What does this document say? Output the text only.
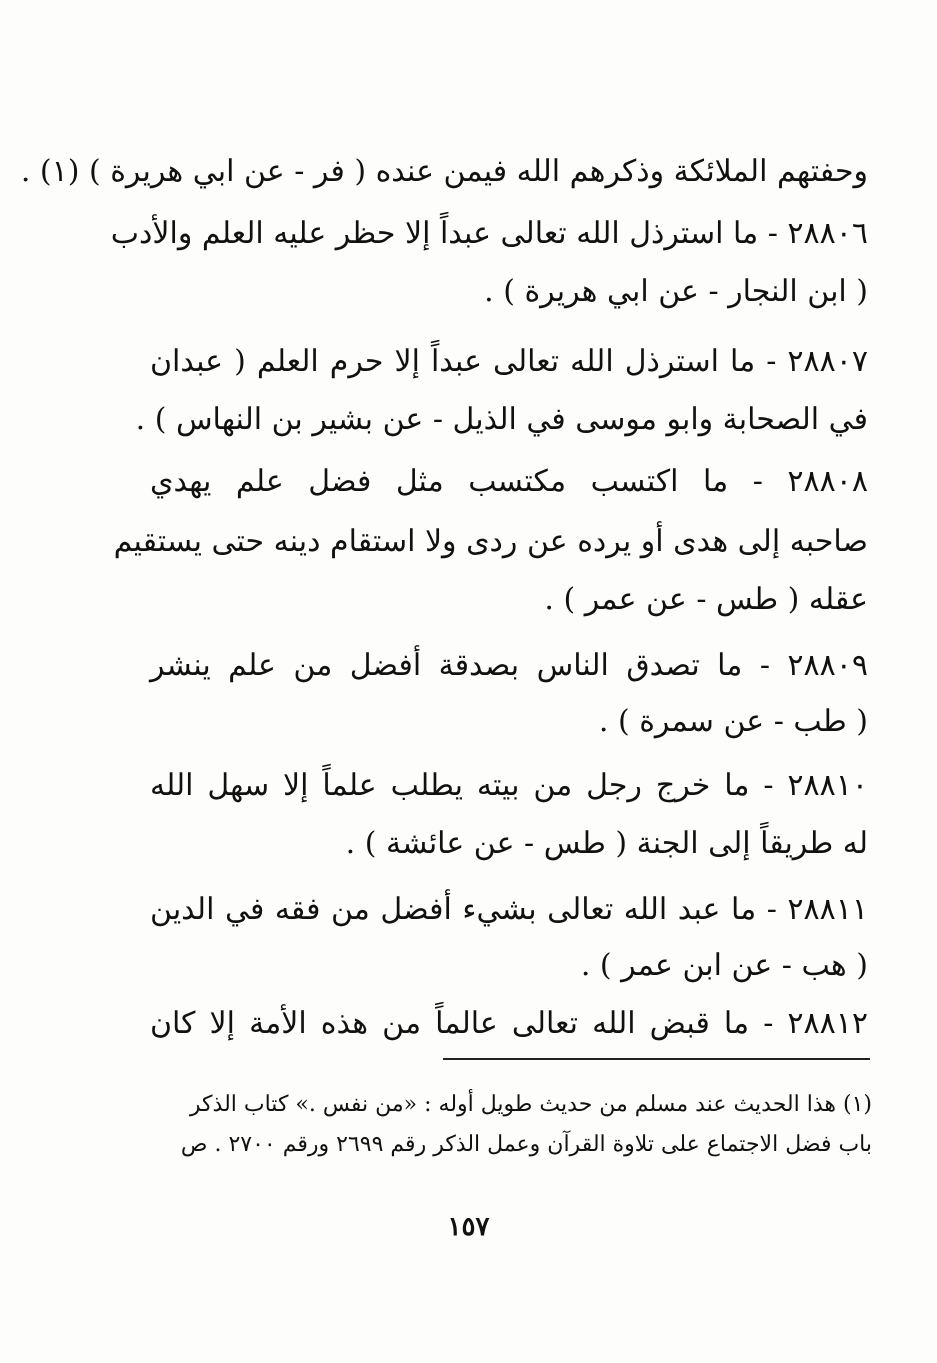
وحفتهم الملائكة وذكرهم الله فيمن عنده ( فر - عن ابي هريرة ) (١) .
٢٨٨٠٦ - ما استرذل الله تعالى عبداً إلا حظر عليه العلم والأدب
( ابن النجار - عن ابي هريرة ) .
٢٨٨٠٧ - ما استرذل الله تعالى عبداً إلا حرم العلم ( عبدان
في الصحابة وابو موسى في الذيل - عن بشير بن النهاس ) .
٢٨٨٠٨ - ما اكتسب مكتسب مثل فضل علم يهدي
صاحبه إلى هدى أو يرده عن ردى ولا استقام دينه حتى يستقيم
عقله ( طس - عن عمر ) .
٢٨٨٠٩ - ما تصدق الناس بصدقة أفضل من علم ينشر
( طب - عن سمرة ) .
٢٨٨١٠ - ما خرج رجل من بيته يطلب علماً إلا سهل الله
له طريقاً إلى الجنة ( طس - عن عائشة ) .
٢٨٨١١ - ما عبد الله تعالى بشيء أفضل من فقه في الدين
( هب - عن ابن عمر ) .
٢٨٨١٢ - ما قبض الله تعالى عالماً من هذه الأمة إلا كان
(١) هذا الحديث عند مسلم من حديث طويل أوله : «من نفس .» كتاب الذكر
باب فضل الاجتماع على تلاوة القرآن وعمل الذكر رقم ٢٦٩٩ ورقم ٢٧٠٠ . ص
١٥٧
